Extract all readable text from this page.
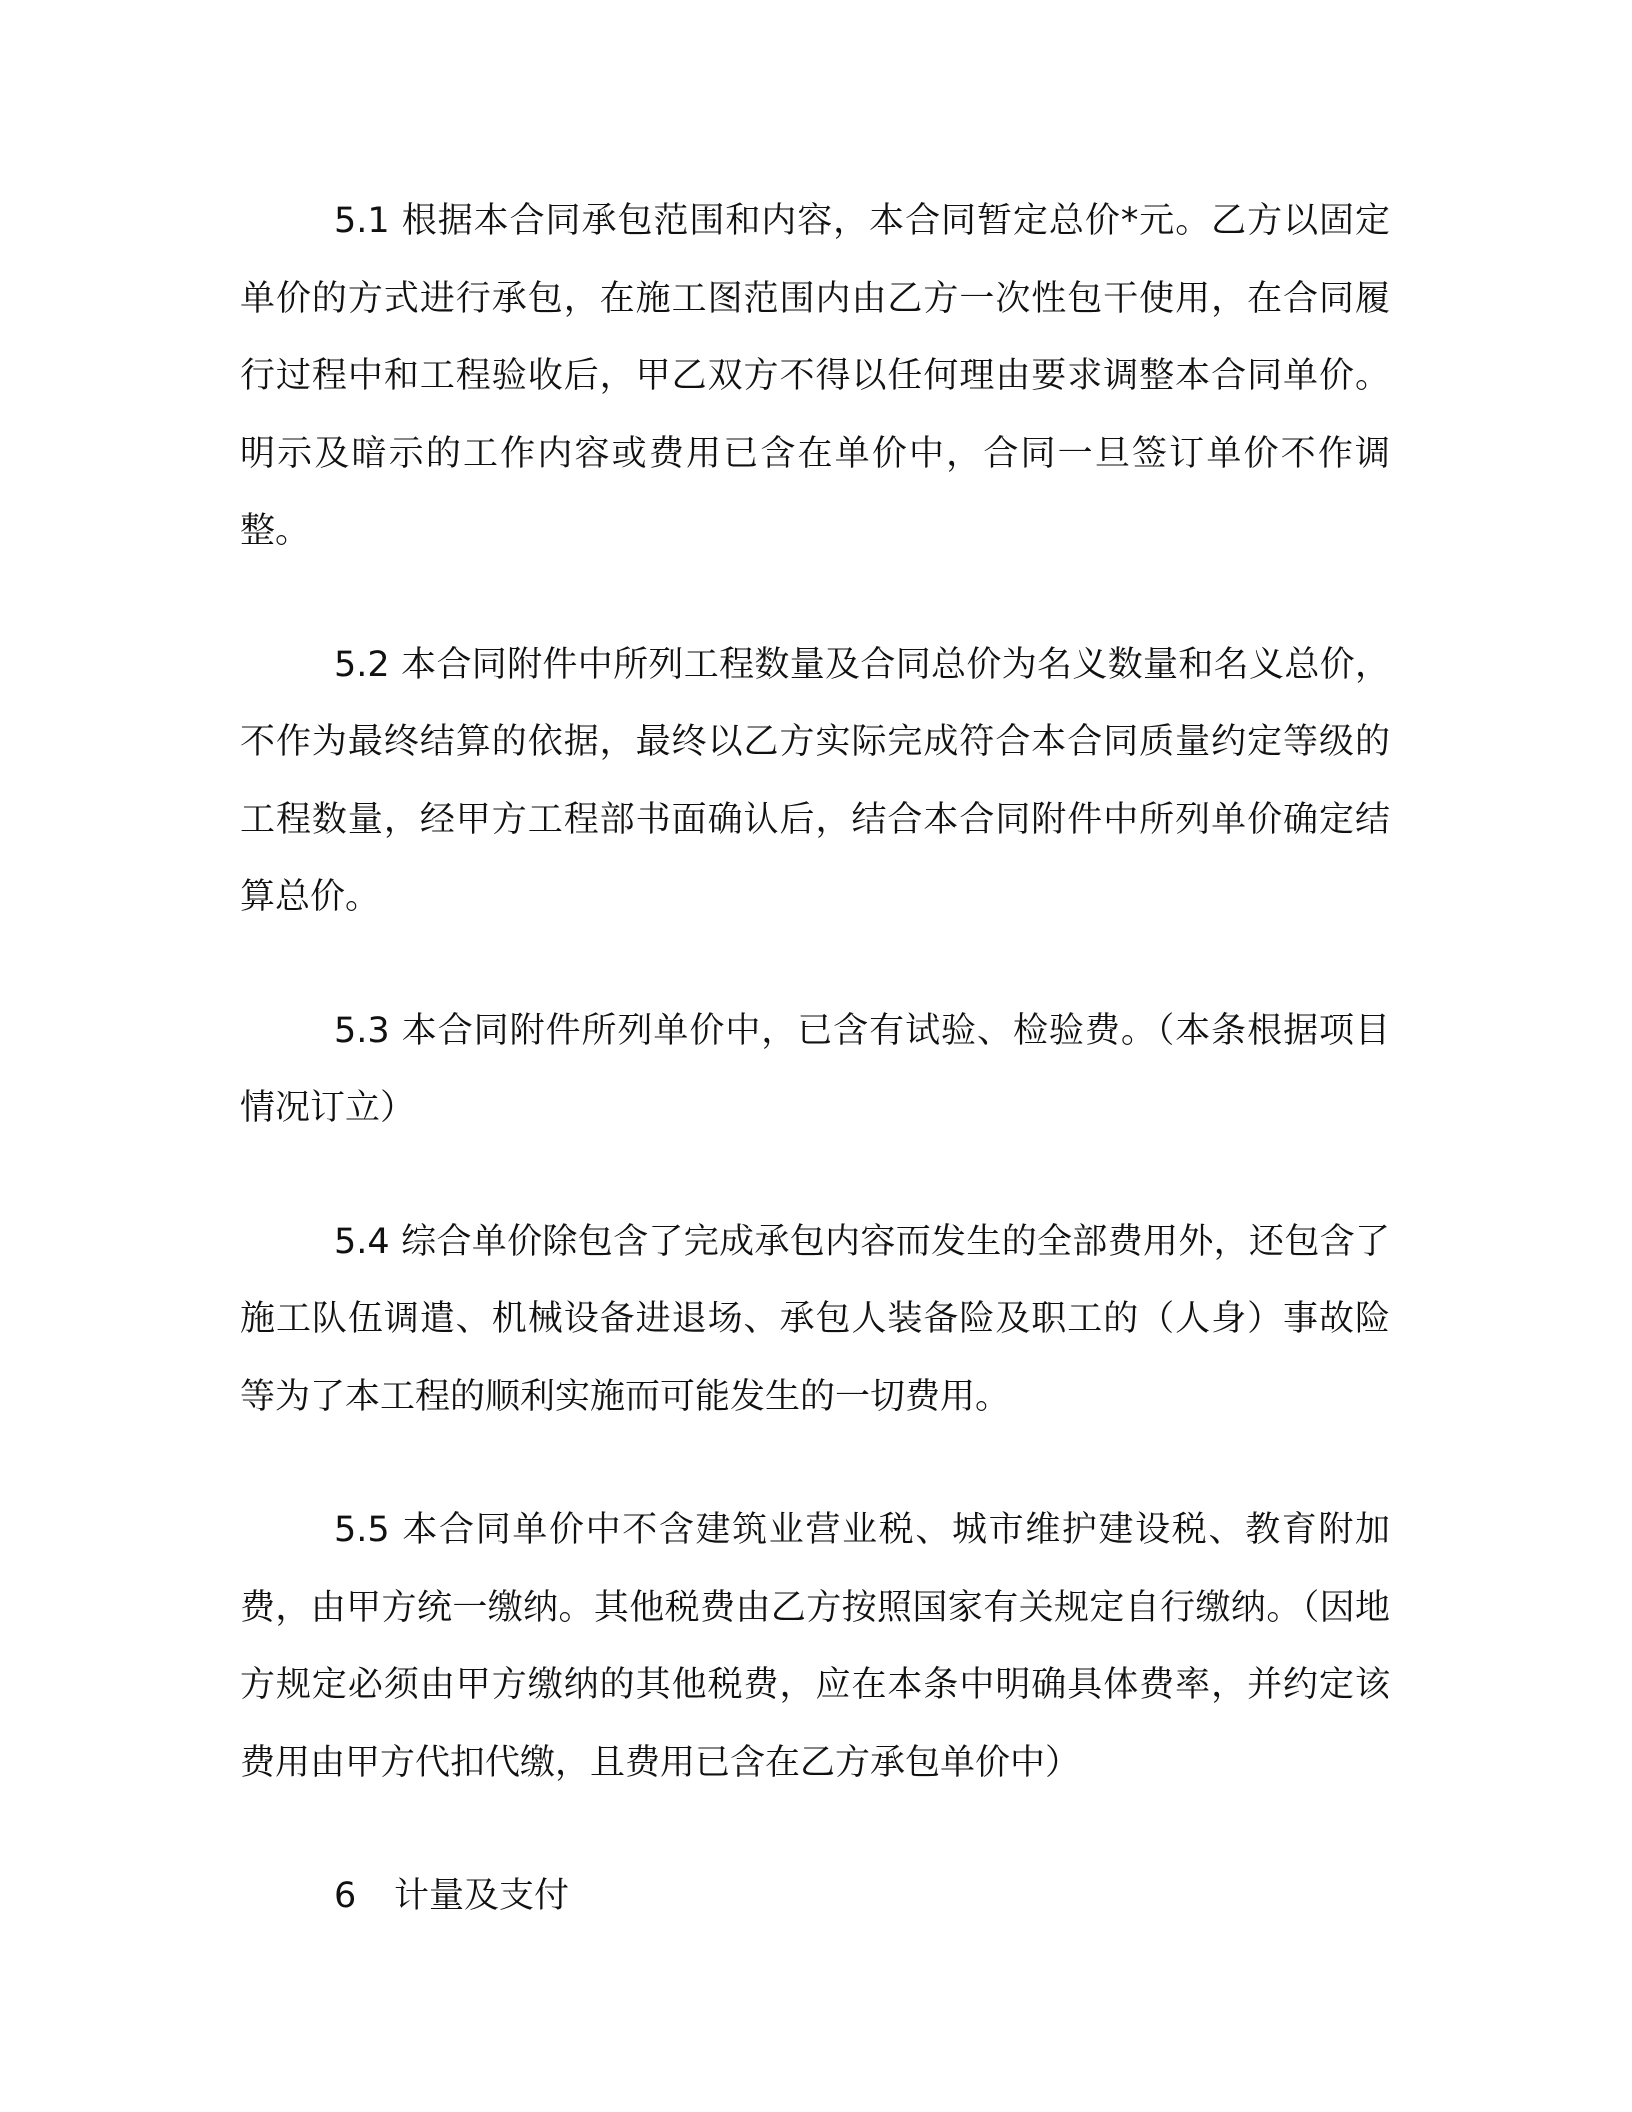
5.1 根据本合同承包范围和内容，本合同暂定总价*元。乙方以固定单价的方式进行承包，在施工图范围内由乙方一次性包干使用，在合同履行过程中和工程验收后，甲乙双方不得以任何理由要求调整本合同单价。明示及暗示的工作内容或费用已含在单价中，合同一旦签订单价不作调整。

5.2 本合同附件中所列工程数量及合同总价为名义数量和名义总价，不作为最终结算的依据，最终以乙方实际完成符合本合同质量约定等级的工程数量，经甲方工程部书面确认后，结合本合同附件中所列单价确定结算总价。

5.3 本合同附件所列单价中，已含有试验、检验费。（本条根据项目情况订立）

5.4 综合单价除包含了完成承包内容而发生的全部费用外，还包含了施工队伍调遣、机械设备进退场、承包人装备险及职工的（人身）事故险等为了本工程的顺利实施而可能发生的一切费用。

5.5 本合同单价中不含建筑业营业税、城市维护建设税、教育附加费，由甲方统一缴纳。其他税费由乙方按照国家有关规定自行缴纳。（因地方规定必须由甲方缴纳的其他税费，应在本条中明确具体费率，并约定该费用由甲方代扣代缴，且费用已含在乙方承包单价中）

6 计量及支付
